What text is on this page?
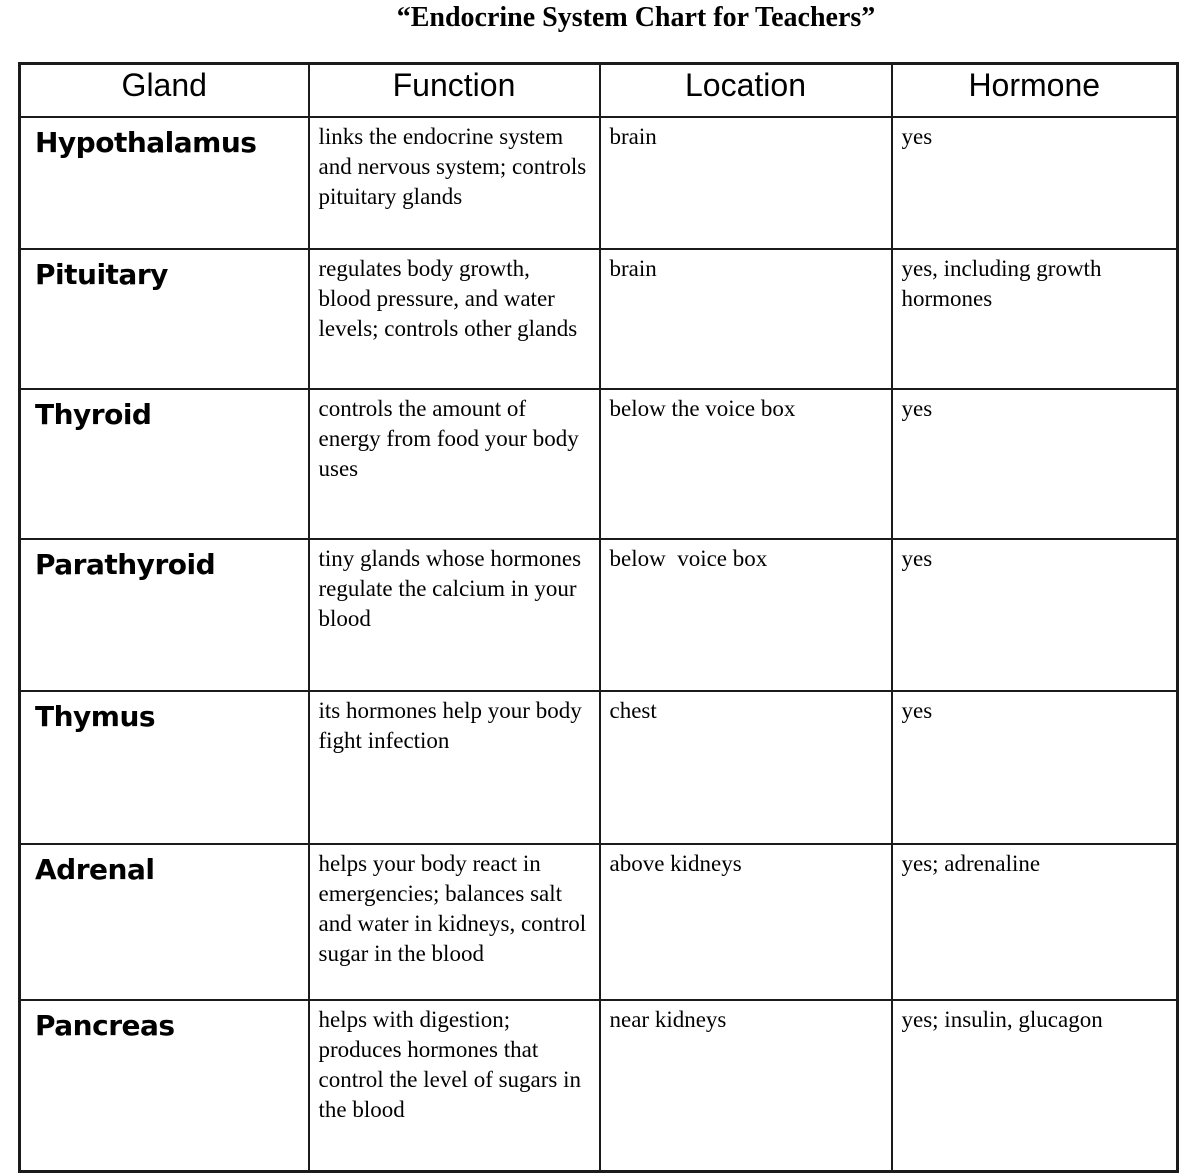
“Endocrine System Chart for Teachers”
Gland	Function	Location	Hormone
Hypothalamus	links the endocrine system and nervous system; controls pituitary glands	brain	yes
Pituitary	regulates body growth, blood pressure, and water levels; controls other glands	brain	yes, including growth hormones
Thyroid	controls the amount of energy from food your body uses	below the voice box	yes
Parathyroid	tiny glands whose hormones regulate the calcium in your blood	below  voice box	yes
Thymus	its hormones help your body fight infection	chest	yes
Adrenal	helps your body react in emergencies; balances salt and water in kidneys, control sugar in the blood	above kidneys	yes; adrenaline
Pancreas	helps with digestion; produces hormones that control the level of sugars in the blood	near kidneys	yes; insulin, glucagon
